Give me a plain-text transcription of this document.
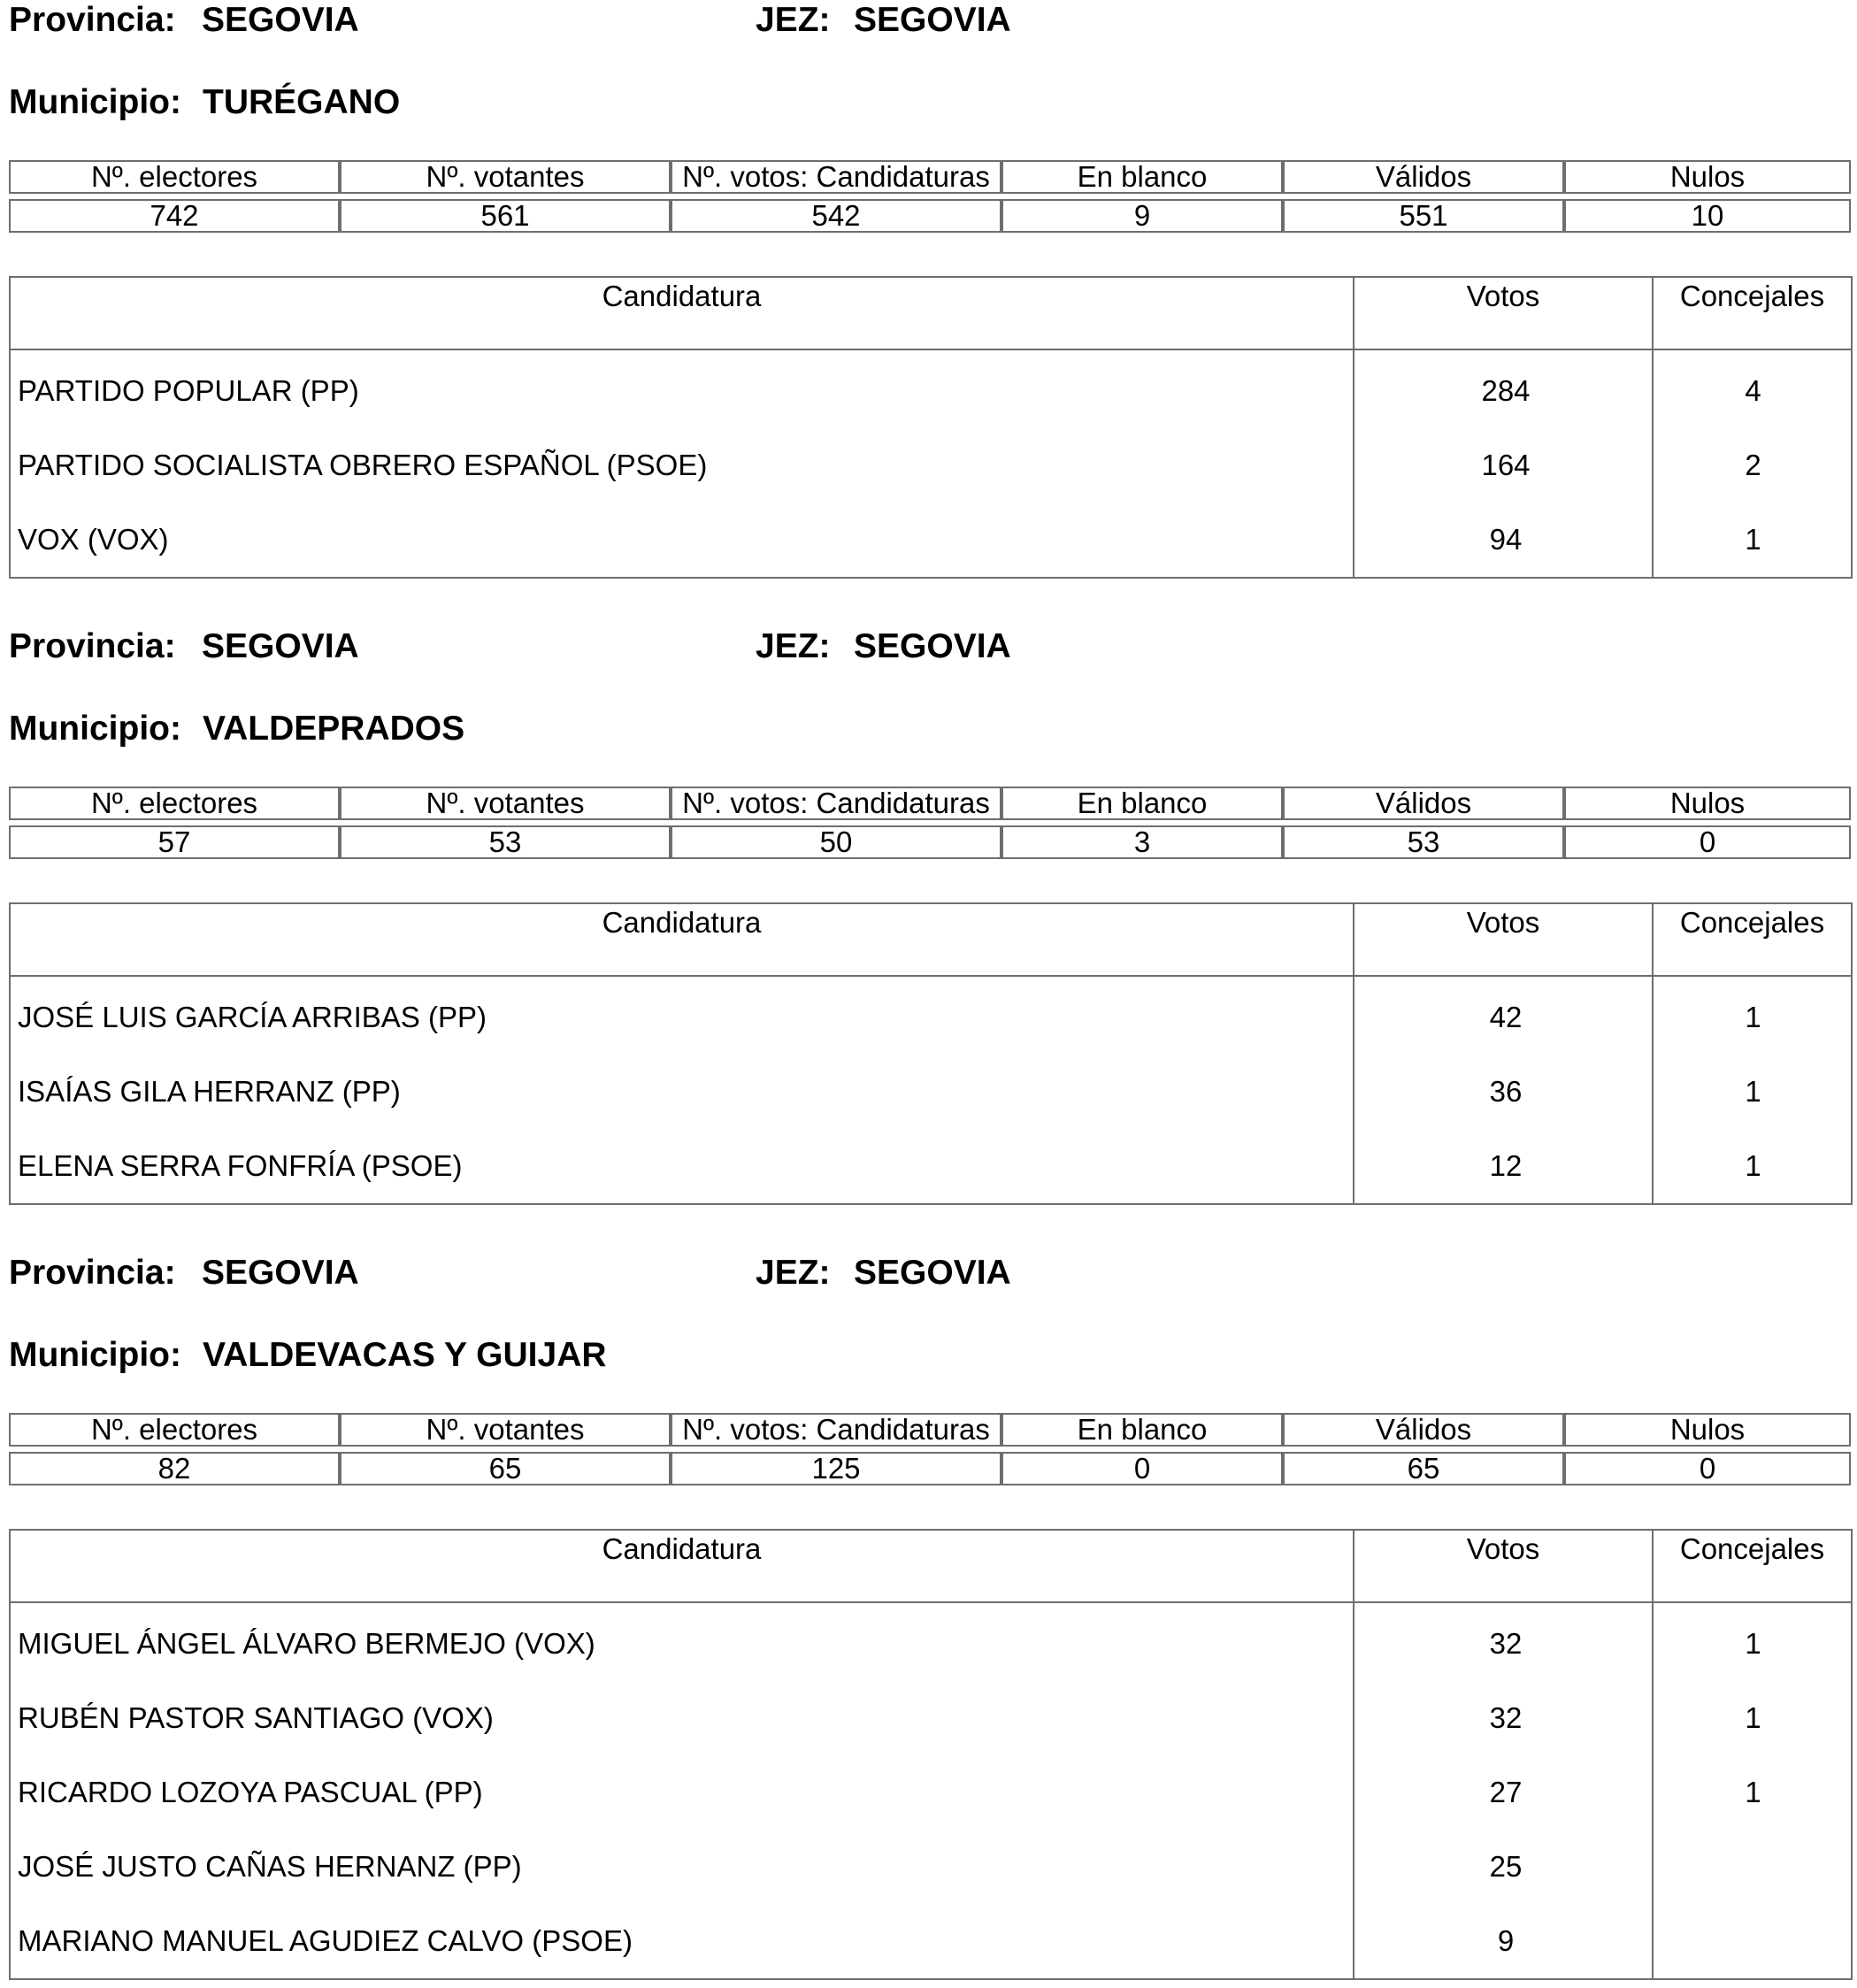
Provincia: SEGOVIA	JEZ: SEGOVIA
Municipio: TURÉGANO
Nº. electores	Nº. votantes	Nº. votos: Candidaturas	En blanco	Válidos	Nulos

742	561	542	9	551	10
Candidatura	Votos	Concejales
PARTIDO POPULAR (PP)	284	4
PARTIDO SOCIALISTA OBRERO ESPAÑOL (PSOE)	164	2
VOX (VOX)	94	1
Provincia: SEGOVIA	JEZ: SEGOVIA
Municipio: VALDEPRADOS
Nº. electores	Nº. votantes	Nº. votos: Candidaturas	En blanco	Válidos	Nulos

57	53	50	3	53	0
Candidatura	Votos	Concejales
JOSÉ LUIS GARCÍA ARRIBAS (PP)	42	1
ISAÍAS GILA HERRANZ (PP)	36	1
ELENA SERRA FONFRÍA (PSOE)	12	1
Provincia: SEGOVIA	JEZ: SEGOVIA
Municipio: VALDEVACAS Y GUIJAR
Nº. electores	Nº. votantes	Nº. votos: Candidaturas	En blanco	Válidos	Nulos

82	65	125	0	65	0
Candidatura	Votos	Concejales
MIGUEL ÁNGEL ÁLVARO BERMEJO (VOX)	32	1
RUBÉN PASTOR SANTIAGO (VOX)	32	1
RICARDO LOZOYA PASCUAL (PP)	27	1
JOSÉ JUSTO CAÑAS HERNANZ (PP)	25	
MARIANO MANUEL AGUDIEZ CALVO (PSOE)	9	
